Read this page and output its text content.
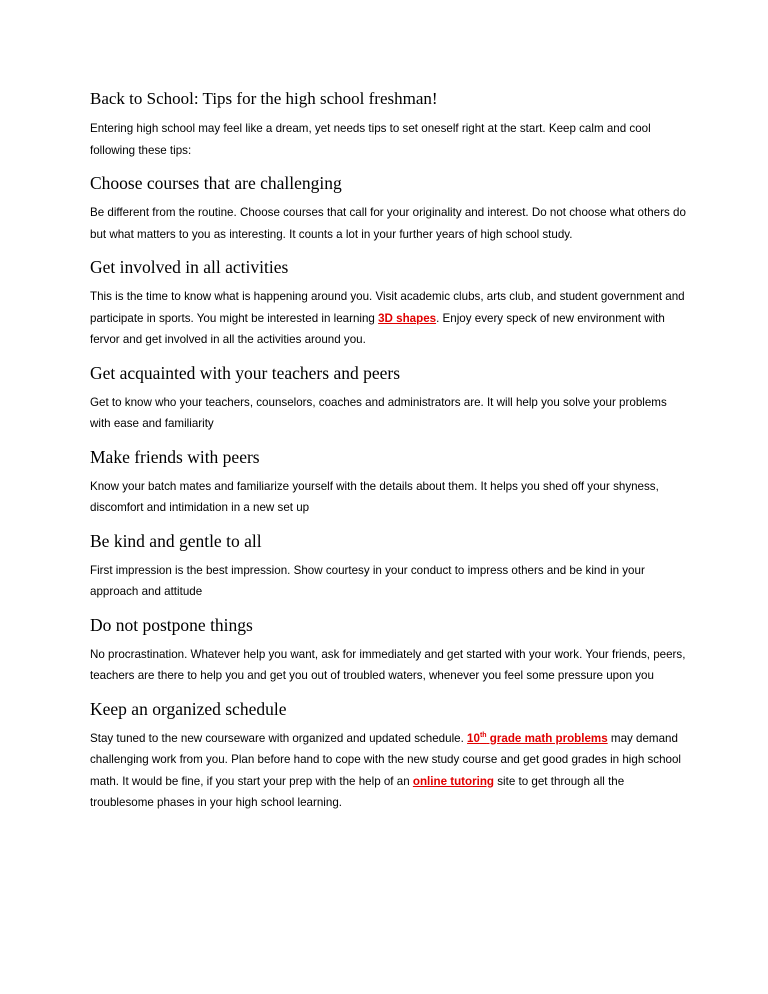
Back to School: Tips for the high school freshman!

Entering high school may feel like a dream, yet needs tips to set oneself right at the start. Keep calm and cool following these tips:

Choose courses that are challenging

Be different from the routine. Choose courses that call for your originality and interest. Do not choose what others do but what matters to you as interesting. It counts a lot in your further years of high school study.

Get involved in all activities

This is the time to know what is happening around you. Visit academic clubs, arts club, and student government and participate in sports. You might be interested in learning 3D shapes. Enjoy every speck of new environment with fervor and get involved in all the activities around you.

Get acquainted with your teachers and peers

Get to know who your teachers, counselors, coaches and administrators are. It will help you solve your problems with ease and familiarity

Make friends with peers

Know your batch mates and familiarize yourself with the details about them. It helps you shed off your shyness, discomfort and intimidation in a new set up

Be kind and gentle to all

First impression is the best impression. Show courtesy in your conduct to impress others and be kind in your approach and attitude

Do not postpone things

No procrastination. Whatever help you want, ask for immediately and get started with your work. Your friends, peers, teachers are there to help you and get you out of troubled waters, whenever you feel some pressure upon you

Keep an organized schedule

Stay tuned to the new courseware with organized and updated schedule. 10th grade math problems may demand challenging work from you. Plan before hand to cope with the new study course and get good grades in high school math. It would be fine, if you start your prep with the help of an online tutoring site to get through all the troublesome phases in your high school learning.
